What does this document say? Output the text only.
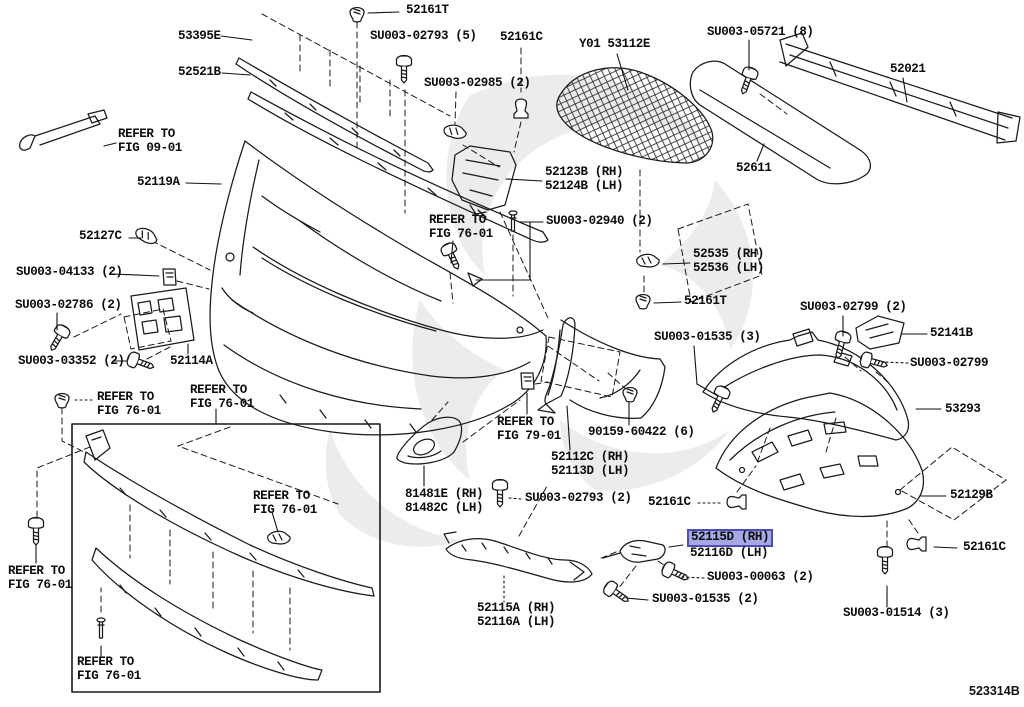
52161T
SU003-02793 (5)
53395E	52161C	Y01 53112E
SU003-05721 (8)
52021
52521B
SU003-02985 (2)
REFER TO
FIG 09-01
52611
52119A
52123B (RH)
52124B (LH)
52127C
REFER TO
FIG 76-01
SU003-02940 (2)
SU003-04133 (2)
52535 (RH)
52536 (LH)
SU003-02786 (2)	52161T	SU003-02799 (2)
52141B
SU003-01535 (3)
SU003-03352 (2)	52114A	SU003-02799
53293
REFER TO
FIG 76-01
REFER TO
FIG 76-01
REFER TO
FIG 79-01 90159-60422 (6)
52112C (RH)
52113D (LH)
81481E (RH)
81482C (LH)
REFER TO
FIG 76-01
SU003-02793 (2) 52161C	52129B
52115D (RH)
52116D (LH)	52161C
REFER TO
FIG 76-01
SU003-00063 (2)
SU003-01535 (2)
52115A (RH)
52116A (LH)
SU003-01514 (3)
REFER TO
FIG 76-01
523314B
